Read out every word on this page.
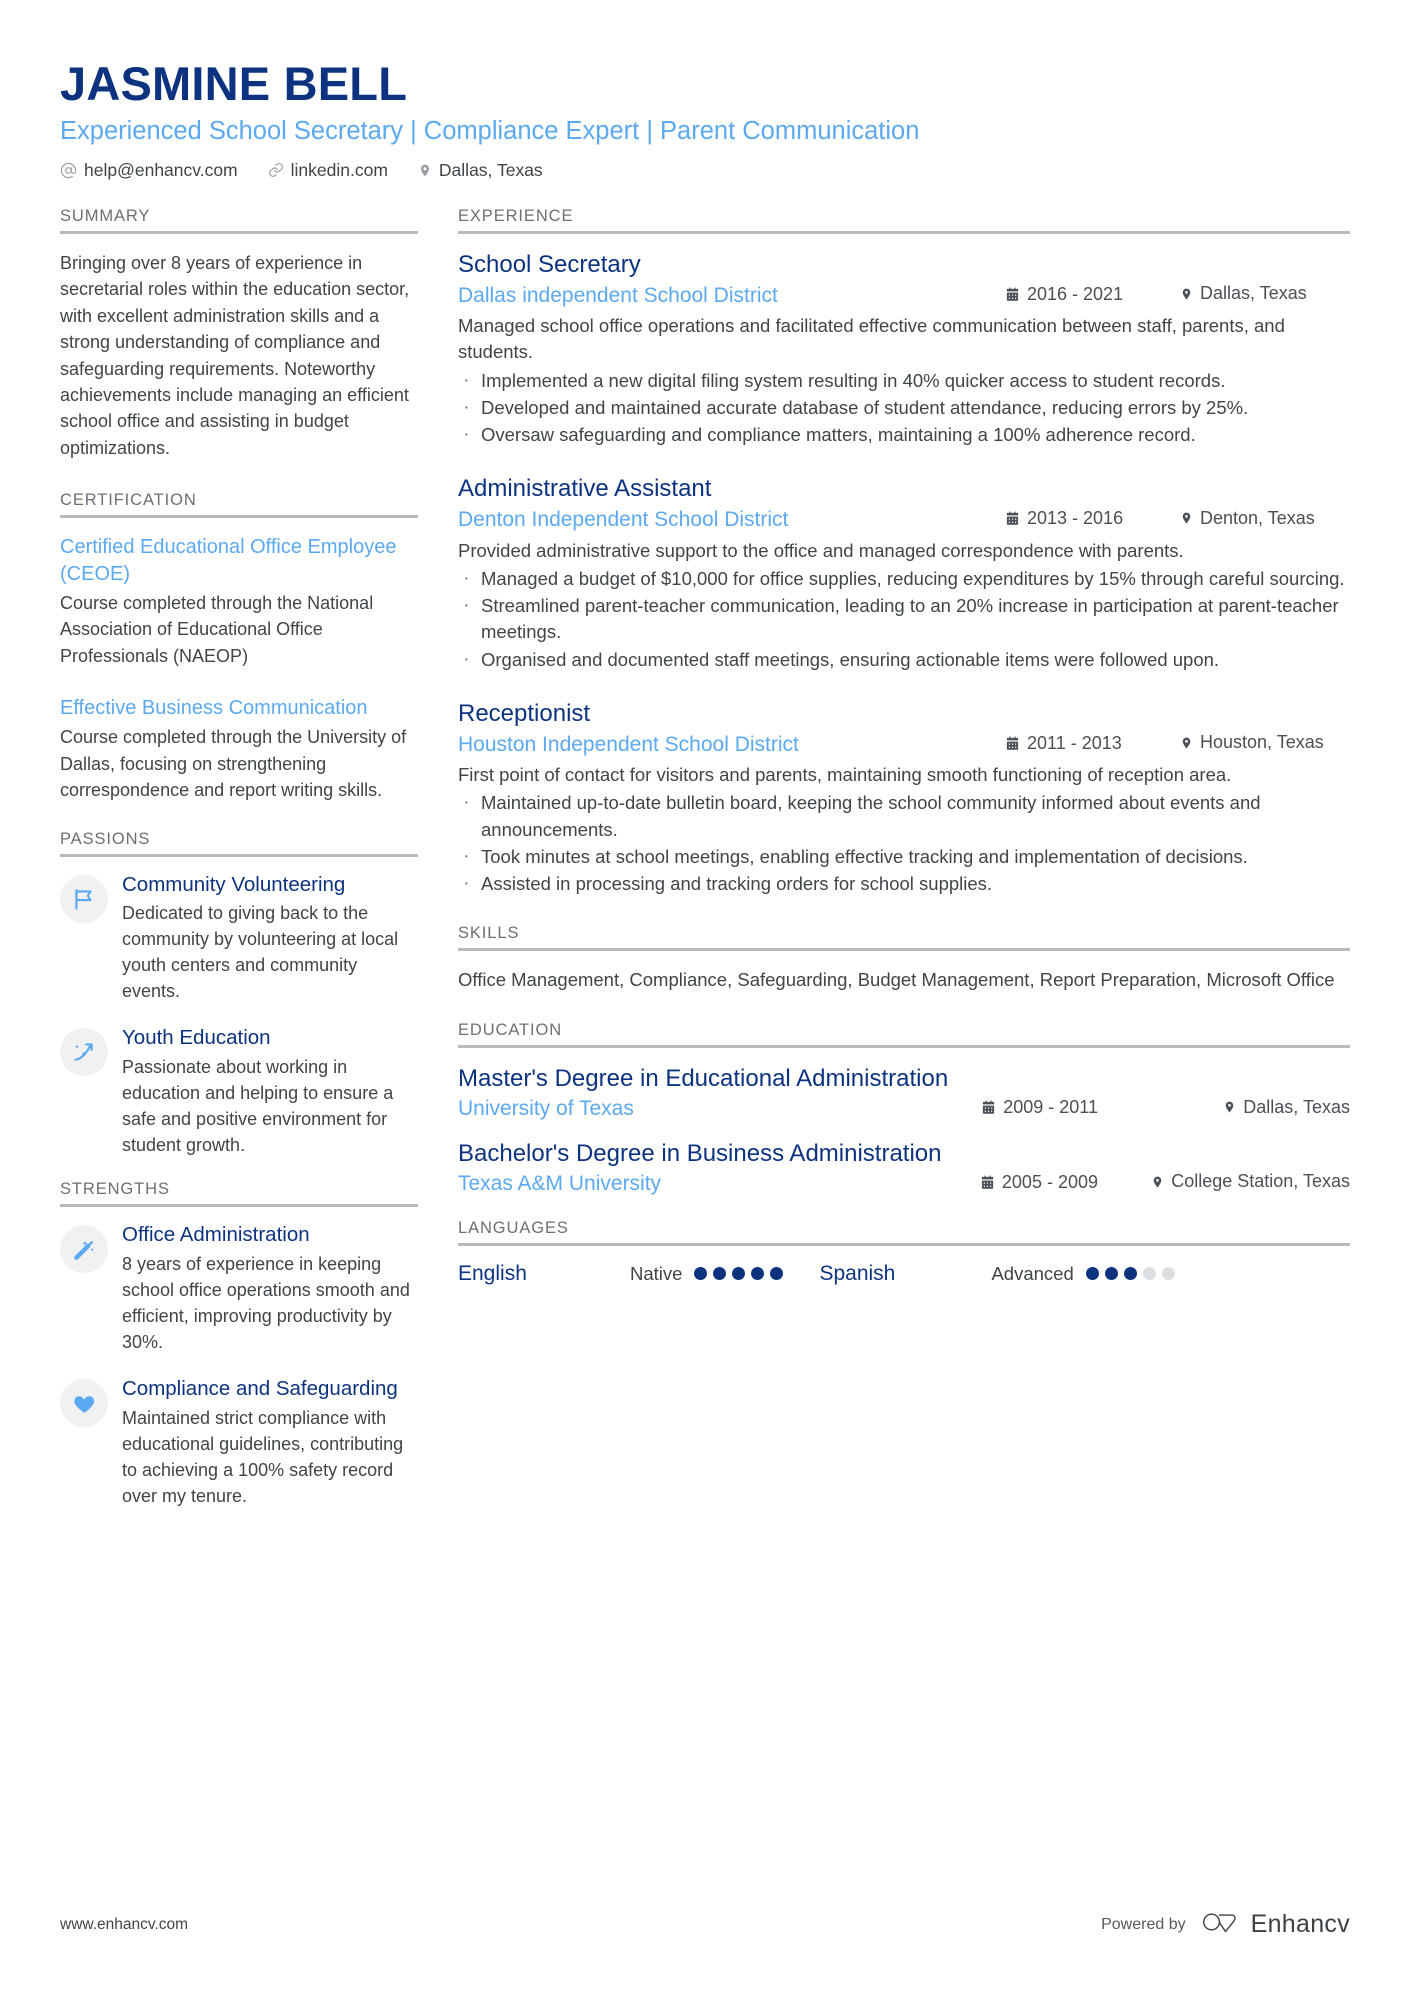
JASMINE BELL
Experienced School Secretary | Compliance Expert | Parent Communication
help@enhancv.com	linkedin.com	Dallas, Texas
SUMMARY
Bringing over 8 years of experience in secretarial roles within the education sector, with excellent administration skills and a strong understanding of compliance and safeguarding requirements. Noteworthy achievements include managing an efficient school office and assisting in budget optimizations.
CERTIFICATION
Certified Educational Office Employee (CEOE)
Course completed through the National Association of Educational Office Professionals (NAEOP)
Effective Business Communication
Course completed through the University of Dallas, focusing on strengthening correspondence and report writing skills.
PASSIONS
Community Volunteering
Dedicated to giving back to the community by volunteering at local youth centers and community events.
Youth Education
Passionate about working in education and helping to ensure a safe and positive environment for student growth.
STRENGTHS
Office Administration
8 years of experience in keeping school office operations smooth and efficient, improving productivity by 30%.
Compliance and Safeguarding
Maintained strict compliance with educational guidelines, contributing to achieving a 100% safety record over my tenure.
EXPERIENCE
School Secretary
Dallas independent School District	2016 - 2021	Dallas, Texas
Managed school office operations and facilitated effective communication between staff, parents, and students.
· Implemented a new digital filing system resulting in 40% quicker access to student records.
· Developed and maintained accurate database of student attendance, reducing errors by 25%.
· Oversaw safeguarding and compliance matters, maintaining a 100% adherence record.
Administrative Assistant
Denton Independent School District	2013 - 2016	Denton, Texas
Provided administrative support to the office and managed correspondence with parents.
· Managed a budget of $10,000 for office supplies, reducing expenditures by 15% through careful sourcing.
· Streamlined parent-teacher communication, leading to an 20% increase in participation at parent-teacher meetings.
· Organised and documented staff meetings, ensuring actionable items were followed upon.
Receptionist
Houston Independent School District	2011 - 2013	Houston, Texas
First point of contact for visitors and parents, maintaining smooth functioning of reception area.
· Maintained up-to-date bulletin board, keeping the school community informed about events and announcements.
· Took minutes at school meetings, enabling effective tracking and implementation of decisions.
· Assisted in processing and tracking orders for school supplies.
SKILLS
Office Management, Compliance, Safeguarding, Budget Management, Report Preparation, Microsoft Office
EDUCATION
Master's Degree in Educational Administration
University of Texas	2009 - 2011	Dallas, Texas
Bachelor's Degree in Business Administration
Texas A&M University	2005 - 2009	College Station, Texas
LANGUAGES
English	Native	Spanish	Advanced
www.enhancv.com	Powered by	Enhancv
